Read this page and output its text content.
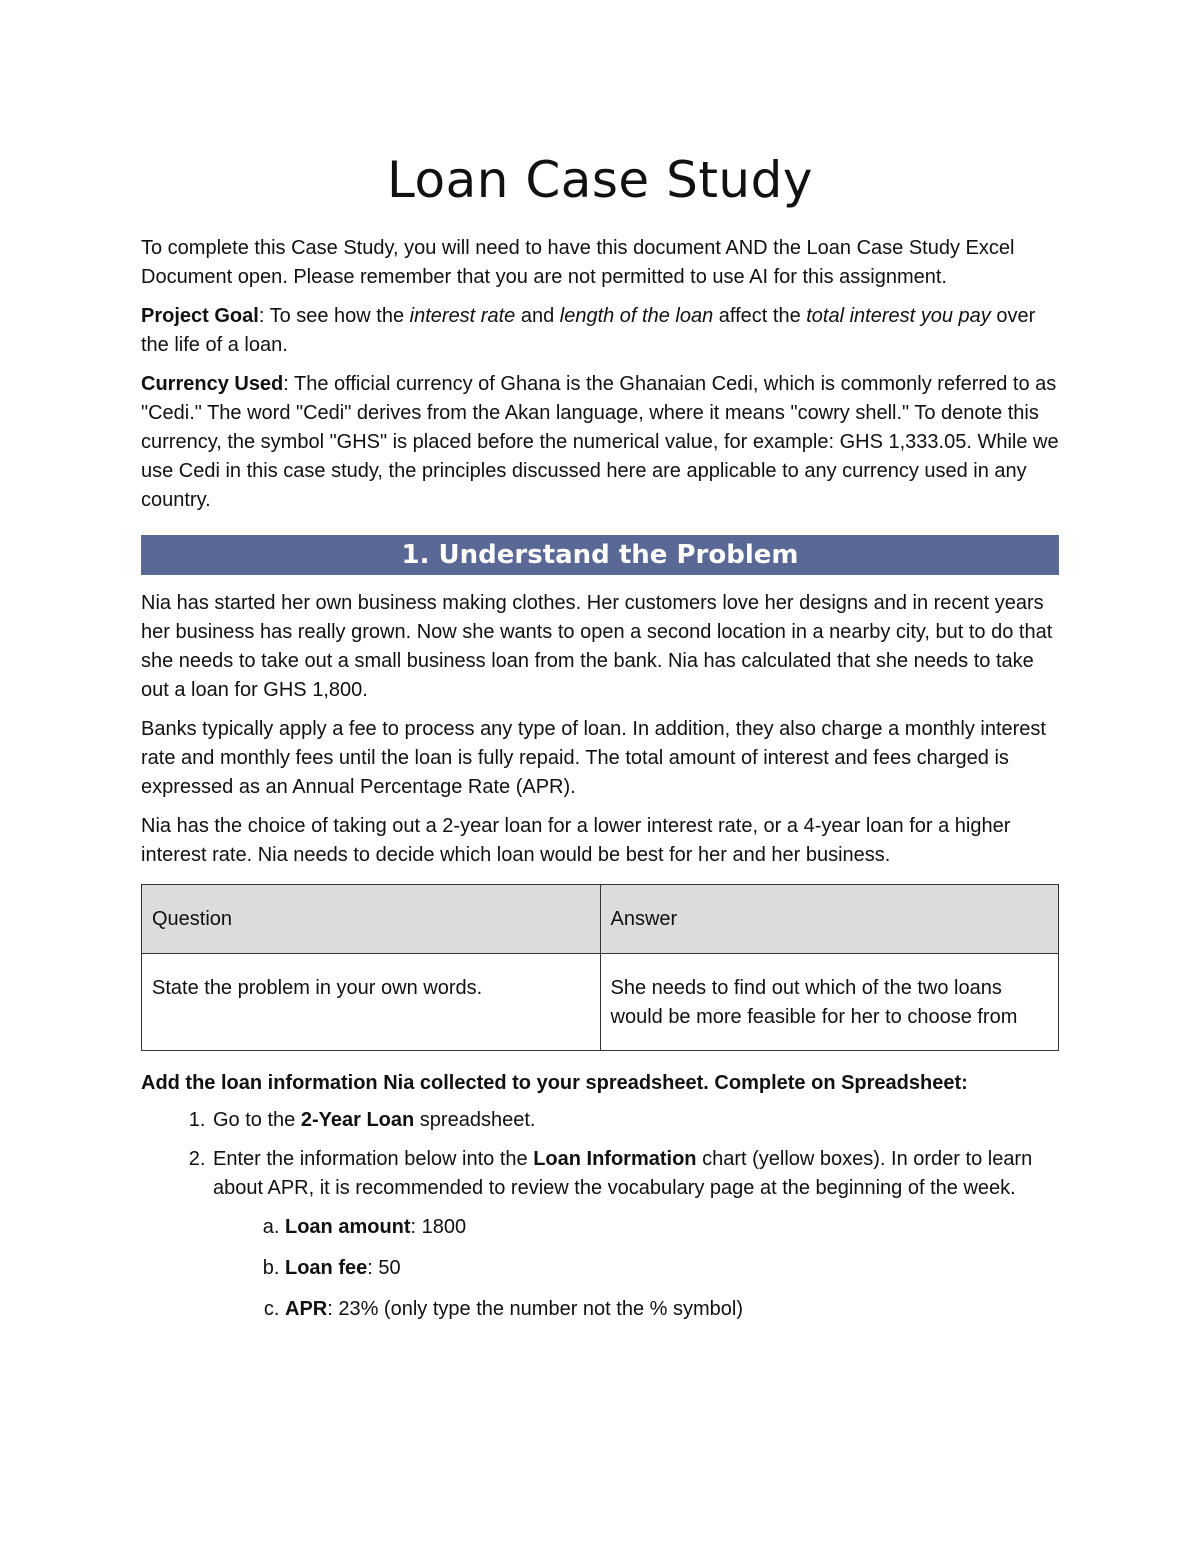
Loan Case Study

To complete this Case Study, you will need to have this document AND the Loan Case Study Excel Document open. Please remember that you are not permitted to use AI for this assignment.

Project Goal: To see how the interest rate and length of the loan affect the total interest you pay over the life of a loan.

Currency Used: The official currency of Ghana is the Ghanaian Cedi, which is commonly referred to as "Cedi." The word "Cedi" derives from the Akan language, where it means "cowry shell." To denote this currency, the symbol "GHS" is placed before the numerical value, for example: GHS 1,333.05. While we use Cedi in this case study, the principles discussed here are applicable to any currency used in any country.

1. Understand the Problem

Nia has started her own business making clothes. Her customers love her designs and in recent years her business has really grown. Now she wants to open a second location in a nearby city, but to do that she needs to take out a small business loan from the bank. Nia has calculated that she needs to take out a loan for GHS 1,800.

Banks typically apply a fee to process any type of loan. In addition, they also charge a monthly interest rate and monthly fees until the loan is fully repaid. The total amount of interest and fees charged is expressed as an Annual Percentage Rate (APR).

Nia has the choice of taking out a 2-year loan for a lower interest rate, or a 4-year loan for a higher interest rate. Nia needs to decide which loan would be best for her and her business.

Question	Answer
State the problem in your own words.	She needs to find out which of the two loans would be more feasible for her to choose from

Add the loan information Nia collected to your spreadsheet. Complete on Spreadsheet:

1. Go to the 2-Year Loan spreadsheet.
2. Enter the information below into the Loan Information chart (yellow boxes). In order to learn about APR, it is recommended to review the vocabulary page at the beginning of the week.
a. Loan amount: 1800
b. Loan fee: 50
c. APR: 23% (only type the number not the % symbol)
